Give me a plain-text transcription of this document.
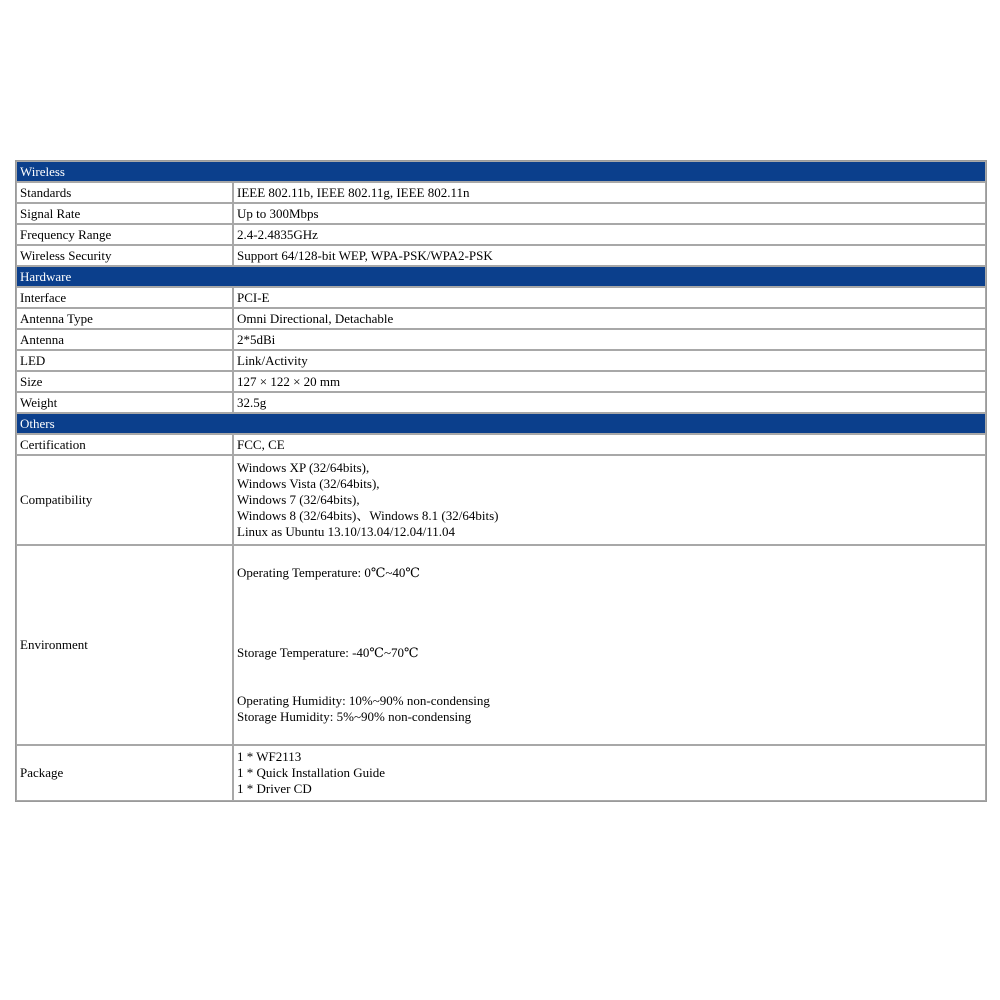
Wireless	
Standards	IEEE 802.11b, IEEE 802.11g, IEEE 802.11n
Signal Rate	Up to 300Mbps
Frequency Range	2.4-2.4835GHz
Wireless Security	Support 64/128-bit WEP, WPA-PSK/WPA2-PSK
Hardware	
Interface	PCI-E
Antenna Type	Omni Directional, Detachable
Antenna	2*5dBi
LED	Link/Activity
Size	127 × 122 × 20 mm
Weight	32.5g
Others	
Certification	FCC, CE
Compatibility	Windows XP (32/64bits),
Windows Vista (32/64bits),
Windows 7 (32/64bits),
Windows 8 (32/64bits)、Windows 8.1 (32/64bits)
Linux as Ubuntu 13.10/13.04/12.04/11.04

Environment	Operating Temperature: 0℃~40℃
Storage Temperature: -40℃~70℃
Operating Humidity: 10%~90% non-condensing
Storage Humidity: 5%~90% non-condensing

Package	1 * WF2113
1 * Quick Installation Guide
1 * Driver CD
